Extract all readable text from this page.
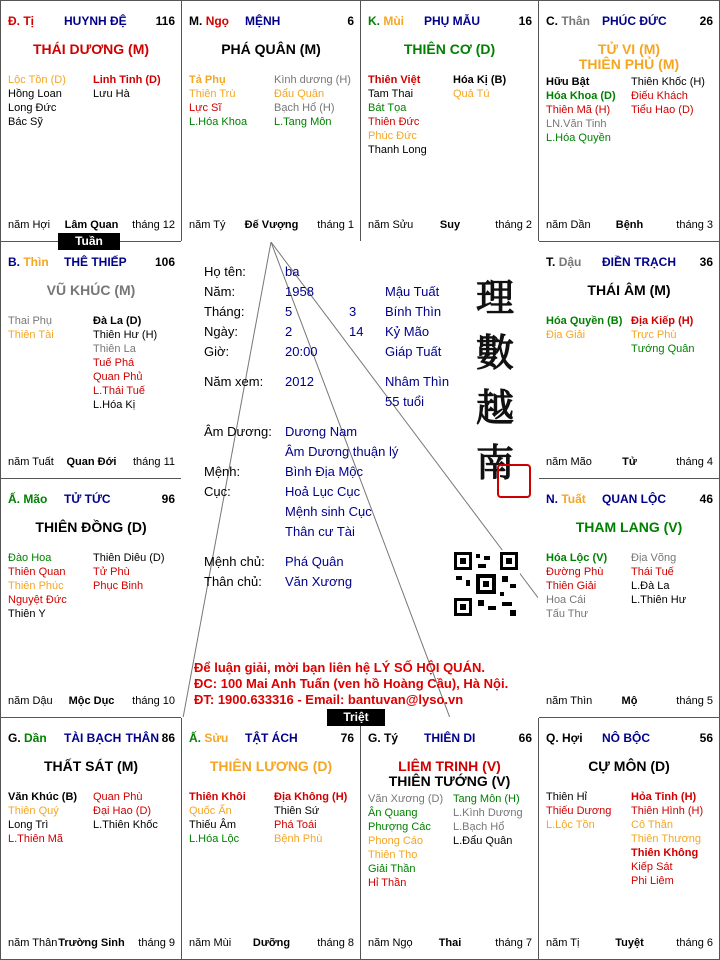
Đ. Tị HUYNH ĐỆ 116
THÁI DƯƠNG (M)
Lộc Tồn (D)
Hồng Loan
Long Đức
Bác Sỹ
Linh Tinh (D)
Lưu Hà
năm Hợi	Lâm Quan	tháng 12
M. Ngọ MỆNH	6
PHÁ QUÂN (M)
Tả Phụ
Thiên Trù
Lực Sĩ
L.Hóa Khoa
Kình dương (H)
Đẩu Quân
Bạch Hổ (H)
L.Tang Môn
năm Tý	Đế Vượng	tháng 1
K. Mùi PHỤ MẪU	16
THIÊN CƠ (D)
Thiên Việt
Tam Thai
Bát Tọa
Thiên Đức
Phúc Đức
Thanh Long
Hóa Kị (B)
Quả Tú
năm Sửu	Suy	tháng 2
C. Thân PHÚC ĐỨC	26
TỬ VI (M)
THIÊN PHỦ (M)
Hữu Bật
Hóa Khoa (D)
Thiên Mã (H)
LN.Văn Tinh
L.Hóa Quyền
Thiên Khốc (H)
Điếu Khách
Tiểu Hao (D)
năm Dần	Bệnh	tháng 3
T. Dậu ĐIỀN TRẠCH 36
THÁI ÂM (M)
Hóa Quyền (B)
Địa Giải
Địa Kiếp (H)
Trực Phù
Tướng Quân
năm Mão	Tử	tháng 4
N. Tuất QUAN LỘC	46
THAM LANG (V)
Hóa Lộc (V)
Đường Phù
Thiên Giải
Hoa Cái
Tấu Thư
Địa Võng
Thái Tuế
L.Đà La
L.Thiên Hư
năm Thìn	Mộ	tháng 5
Q. Hợi NÔ BỘC	56
CỰ MÔN (D)
Thiên Hỉ
Thiếu Dương
L.Lộc Tồn
Hỏa Tinh (H)
Thiên Hình (H)
Cô Thần
Thiên Thương
Thiên Không
Kiếp Sát
Phi Liêm
năm Tị	Tuyệt	tháng 6
G. Tý THIÊN DI	66
LIÊM TRINH (V)
THIÊN TƯỚNG (V)
Văn Xương (D)
Ân Quang
Phượng Các
Phong Cáo
Thiên Thọ
Giải Thần
Hỉ Thần
Tang Môn (H)
L.Kình Dương
L.Bạch Hổ
L.Đẩu Quân
năm Ngọ	Thai	tháng 7
Ấ. Sửu TẬT ÁCH	76
THIÊN LƯƠNG (D)
Thiên Khôi
Quốc Ấn
Thiếu Âm
L.Hóa Lộc
Địa Không (H)
Thiên Sứ
Phá Toái
Bệnh Phù
năm Mùi	Dưỡng	tháng 8
G. Dần TÀI BẠCH THÂN 86
THẤT SÁT (M)
Văn Khúc (B)
Thiên Quý
Long Trì
L.Thiên Mã
Quan Phù
Đại Hao (D)
L.Thiên Khốc
năm Thân Trường Sinh	tháng 9
Ấ. Mão TỬ TỨC	96
THIÊN ĐỒNG (D)
Đào Hoa
Thiên Quan
Thiên Phúc
Nguyệt Đức
Thiên Y
Thiên Diêu (D)
Tử Phù
Phục Binh
năm Dậu	Mộc Dục	tháng 10
B. Thìn THÊ THIẾP 106
VŨ KHÚC (M)
Thai Phụ
Thiên Tài
Đà La (D)
Thiên Hư (H)
Thiên La
Tuế Phá
Quan Phủ
L.Thái Tuế
L.Hóa Kị
năm Tuất	Quan Đới	tháng 11
Họ tên:	ba
Năm:	1958	Mậu Tuất
Tháng:	5	3 Bính Thìn
Ngày:	2	14 Kỷ Mão
Giờ:	20:00	Giáp Tuất
Năm xem: 2012	Nhâm Thìn
55 tuổi
Âm Dương: Dương Nam
Âm Dương thuận lý
Mệnh:	Bình Địa Mộc
Cục:	Hoả Lục Cục
Mệnh sinh Cục
Thân cư Tài
Mệnh chủ: Phá Quân
Thân chủ: Văn Xương
理
數
越
南
Để luận giải, mời bạn liên hệ LÝ SỐ HỘI QUÁN.
ĐC: 100 Mai Anh Tuấn (ven hồ Hoàng Cầu), Hà Nội.
ĐT: 1900.633316 - Email: bantuvan@lyso.vn
Tuần
Triệt
